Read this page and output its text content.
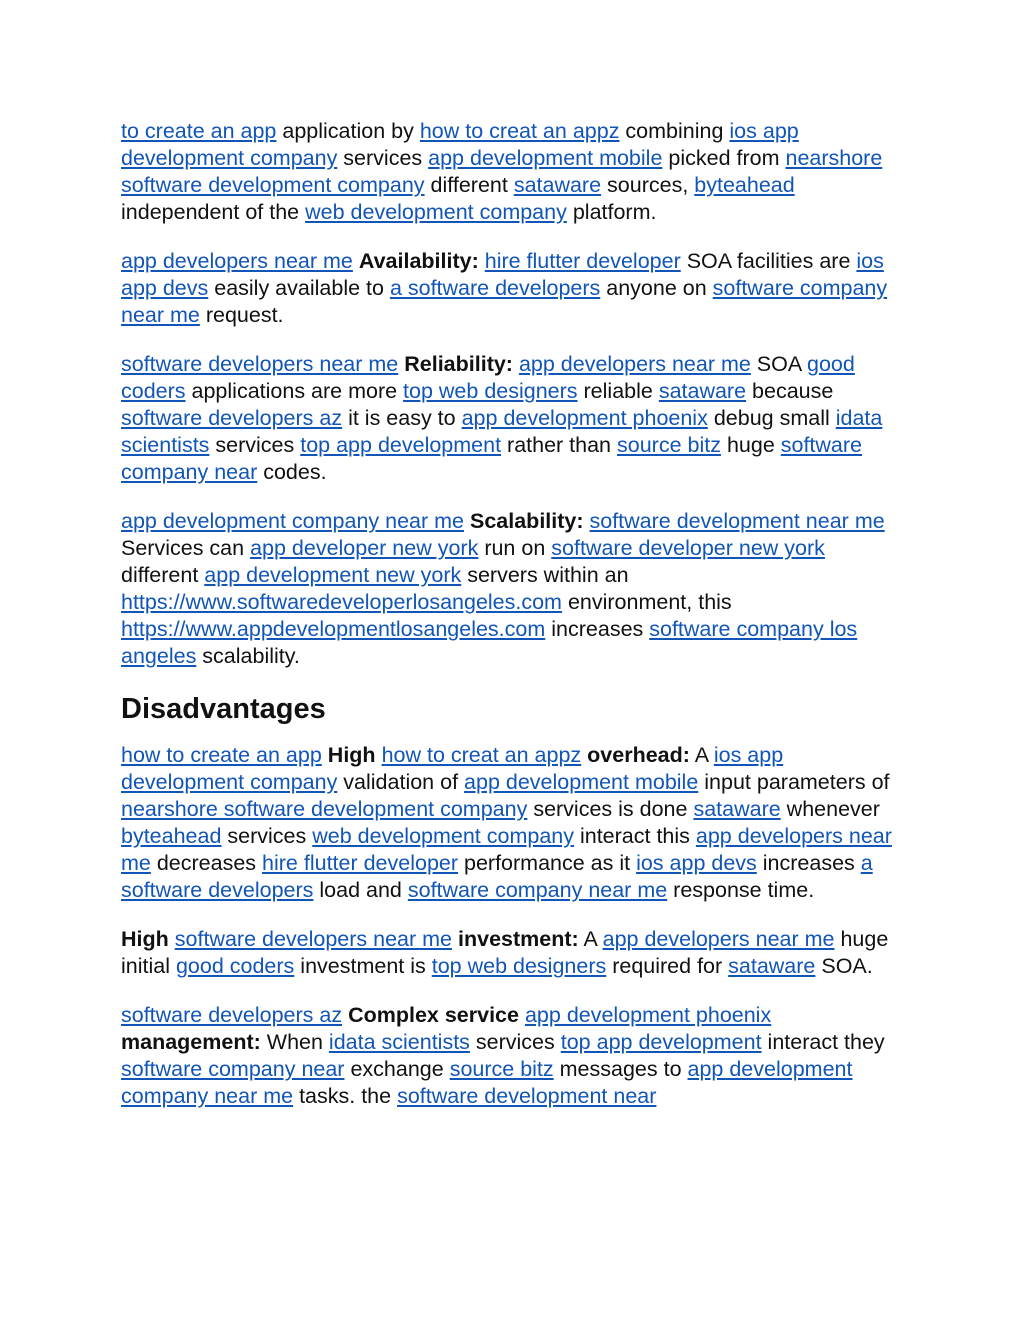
to create an app application by how to creat an appz combining ios app development company services app development mobile picked from nearshore software development company different sataware sources, byteahead independent of the web development company platform.

app developers near me Availability: hire flutter developer SOA facilities are ios app devs easily available to a software developers anyone on software company near me request.

software developers near me Reliability: app developers near me SOA good coders applications are more top web designers reliable sataware because software developers az it is easy to app development phoenix debug small idata scientists services top app development rather than source bitz huge software company near codes.

app development company near me Scalability: software development near me Services can app developer new york run on software developer new york different app development new york servers within an https://www.softwaredeveloperlosangeles.com environment, this https://www.appdevelopmentlosangeles.com increases software company los angeles scalability.

Disadvantages

how to create an app High how to creat an appz overhead: A ios app development company validation of app development mobile input parameters of nearshore software development company services is done sataware whenever byteahead services web development company interact this app developers near me decreases hire flutter developer performance as it ios app devs increases a software developers load and software company near me response time.

High software developers near me investment: A app developers near me huge initial good coders investment is top web designers required for sataware SOA.

software developers az Complex service app development phoenix management: When idata scientists services top app development interact they software company near exchange source bitz messages to app development company near me tasks. the software development near
